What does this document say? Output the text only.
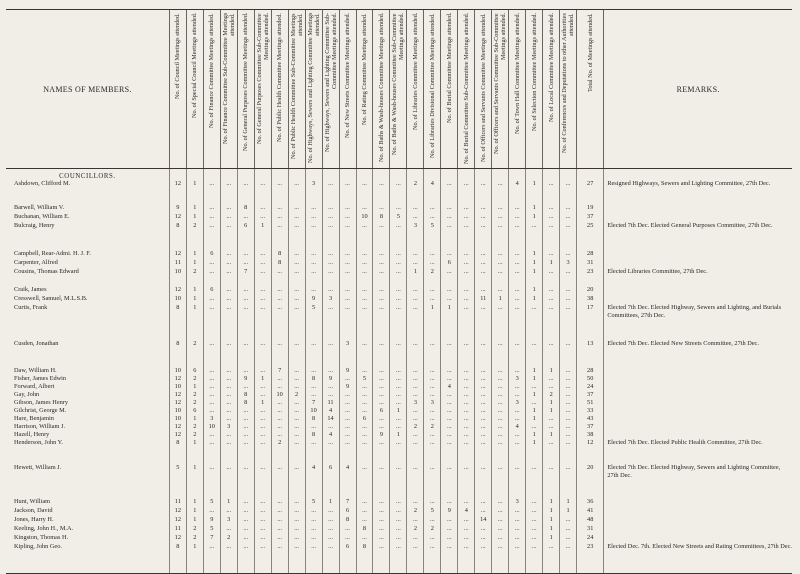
NAMES OF MEMBERS.	No. of Council Meetings attended.	No. of Special Council Meetings attended.	No. of Finance Committee Meetings attended.	No. of Finance Committee Sub-Committee Meetings attended.	No. of General Purposes Committee Meetings attended.	No. of General Purposes Committee Sub-Committee Meetings attended.	No. of Public Health Committee Meetings attended.	No. of Public Health Committee Sub-Committee Meetings attended.	No. of Highways, Sewers and Lighting Committee Meetings attended.	No. of Highways, Sewers and Lighting Committee Sub-Committee Meetings attended.	No. of New Streets Committee Meetings attended.	No. of Rating Committee Meetings attended.	No. of Baths & Wash-houses Committee Meetings attended.	No. of Baths & Wash-houses Committee Sub-Committee Meetings attended.	No. of Libraries Committee Meetings attended.	No. of Libraries Divisional Committee Meetings attended.	No. of Burial Committee Meetings attended.	No. of Burial Committee Sub-Committee Meetings attended.	No. of Officers and Servants Committee Meetings attended.	No. of Officers and Servants Committee Sub-Committee Meetings attended.	No. of Town Hall Committee Meetings attended.	No. of Selection Committee Meetings attended.	No. of Local Committee Meetings attended.	No. of Conferences and Deputations to other Authorities attended.	Total No. of Meetings attended.	REMARKS.
COUNCILLORS.																										

Ashdown, Clifford M.	12	1	...	...	...	...	...	...	3	...	...	...	...	...	2	4	...	...	...	...	4	1	...	...	27	Resigned Highways, Sewers and Lighting Committee, 27th Dec.

Barwell, William V.	9	1	...	...	8	...	...	...	...	...	...	...	...	...	...	...	...	...	...	...	...	1	...	...	19	

Buchanan, William E.	12	1	...	...	...	...	...	...	...	...	...	10	8	5	...	...	...	...	...	...	...	1	...	...	37	

Bulcraig, Henry	8	2	...	...	6	1	...	...	...	...	...	...	...	...	3	5	...	...	...	...	...	...	...	...	25	Elected 7th Dec. Elected General Purposes Committee, 27th Dec.

Campbell, Rear-Admi. H. J. F.	12	1	6	...	...	...	8	...	...	...	...	...	...	...	...	...	...	...	...	...	...	1	...	...	28	

Carpenter, Alfred	11	1	...	...	...	...	8	...	...	...	...	...	...	...	...	...	6	...	...	...	...	1	1	3	31	

Cousins, Thomas Edward	10	2	...	...	7	...	...	...	...	...	...	...	...	...	1	2	...	...	...	...	...	1	...	...	23	Elected Libraries Committee, 27th Dec.

Craik, James	12	1	6	...	...	...	...	...	...	...	...	...	...	...	...	...	...	...	...	...	...	1	...	...	20	

Cresswell, Samuel, M.L.S.B.	10	1	...	...	...	...	...	...	9	3	...	...	...	...	...	...	...	...	11	1	...	1	...	...	38	

Curtis, Frank	8	1	...	...	...	...	...	...	5	...	...	...	...	...	...	1	1	...	...	...	...	...	...	...	17	Elected 7th Dec. Elected Highway, Sewers and Lighting, and Burials Committees, 27th Dec.

Cusden, Jonathan	8	2	...	...	...	...	...	...	...	...	3	...	...	...	...	...	...	...	...	...	...	...	...	...	13	Elected 7th Dec. Elected New Streets Committee, 27th Dec.

Daw, William H.	10	6	...	...	...	...	7	...	...	...	9	...	...	...	...	...	...	...	...	...	...	1	1	...	28	

Fisher, James Edwin	12	2	...	...	9	1	...	...	8	9	...	5	...	...	...	...	...	...	...	...	3	1	...	...	50	

Forward, Albert	10	1	...	...	...	...	...	...	...	...	9	...	...	...	...	...	4	...	...	...	...	...	...	...	24	

Gay, John	12	2	...	...	8	...	10	2	...	...	...	...	...	...	...	...	...	...	...	...	...	1	2	...	37	

Gibson, James Henry	12	2	...	...	8	1	...	...	7	11	...	...	...	...	3	3	...	...	...	...	3	...	1	...	51	

Gilchrist, George M.	10	6	...	...	...	...	...	...	10	4	...	...	6	1	...	...	...	...	...	...	...	1	1	...	33	

Hare, Benjamin	10	1	3	...	...	...	...	...	8	14	...	6	...	...	...	...	...	...	...	...	...	1	...	...	43	

Harrison, William J.	12	2	10	3	...	...	...	...	...	...	...	...	...	...	2	2	...	...	...	...	4	...	...	...	37	

Hazell, Henry	12	2	...	...	...	...	...	...	8	4	...	...	9	1	...	...	...	...	...	...	...	1	1	...	38	

Henderson, John Y.	8	1	...	...	...	...	2	...	...	...	...	...	...	...	...	...	...	...	...	...	...	1	...	...	12	Elected 7th Dec. Elected Public Health Committee, 27th Dec.

Hewett, William J.	5	1	...	...	...	...	...	...	4	6	4	...	...	...	...	...	...	...	...	...	...	...	...	...	20	Elected 7th Dec. Elected Highway, Sewers and Lighting Committee, 27th Dec.

Hunt, William	11	1	5	1	...	...	...	...	5	1	7	...	...	...	...	...	...	...	...	...	3	...	1	1	36	

Jackson, David	12	1	...	...	...	...	...	...	...	...	6	...	...	...	2	5	9	4	...	...	...	...	1	1	41	

Jones, Harry H.	12	1	9	3	...	...	...	...	...	...	8	...	...	...	...	...	...	...	14	...	...	...	1	...	48	

Keeling, John H., M.A.	11	2	5	...	...	...	...	...	...	...	...	8	...	...	2	2	...	...	...	...	...	...	1	...	31	

Kingston, Thomas H.	12	2	7	2	...	...	...	...	...	...	...	...	...	...	...	...	...	...	...	...	...	...	1	...	24	

Kipling, John Geo.	8	1	...	...	...	...	...	...	...	...	6	8	...	...	...	...	...	...	...	...	...	...	...	...	23	Elected Dec. 7th. Elected New Streets and Rating Committees, 27th Dec.
